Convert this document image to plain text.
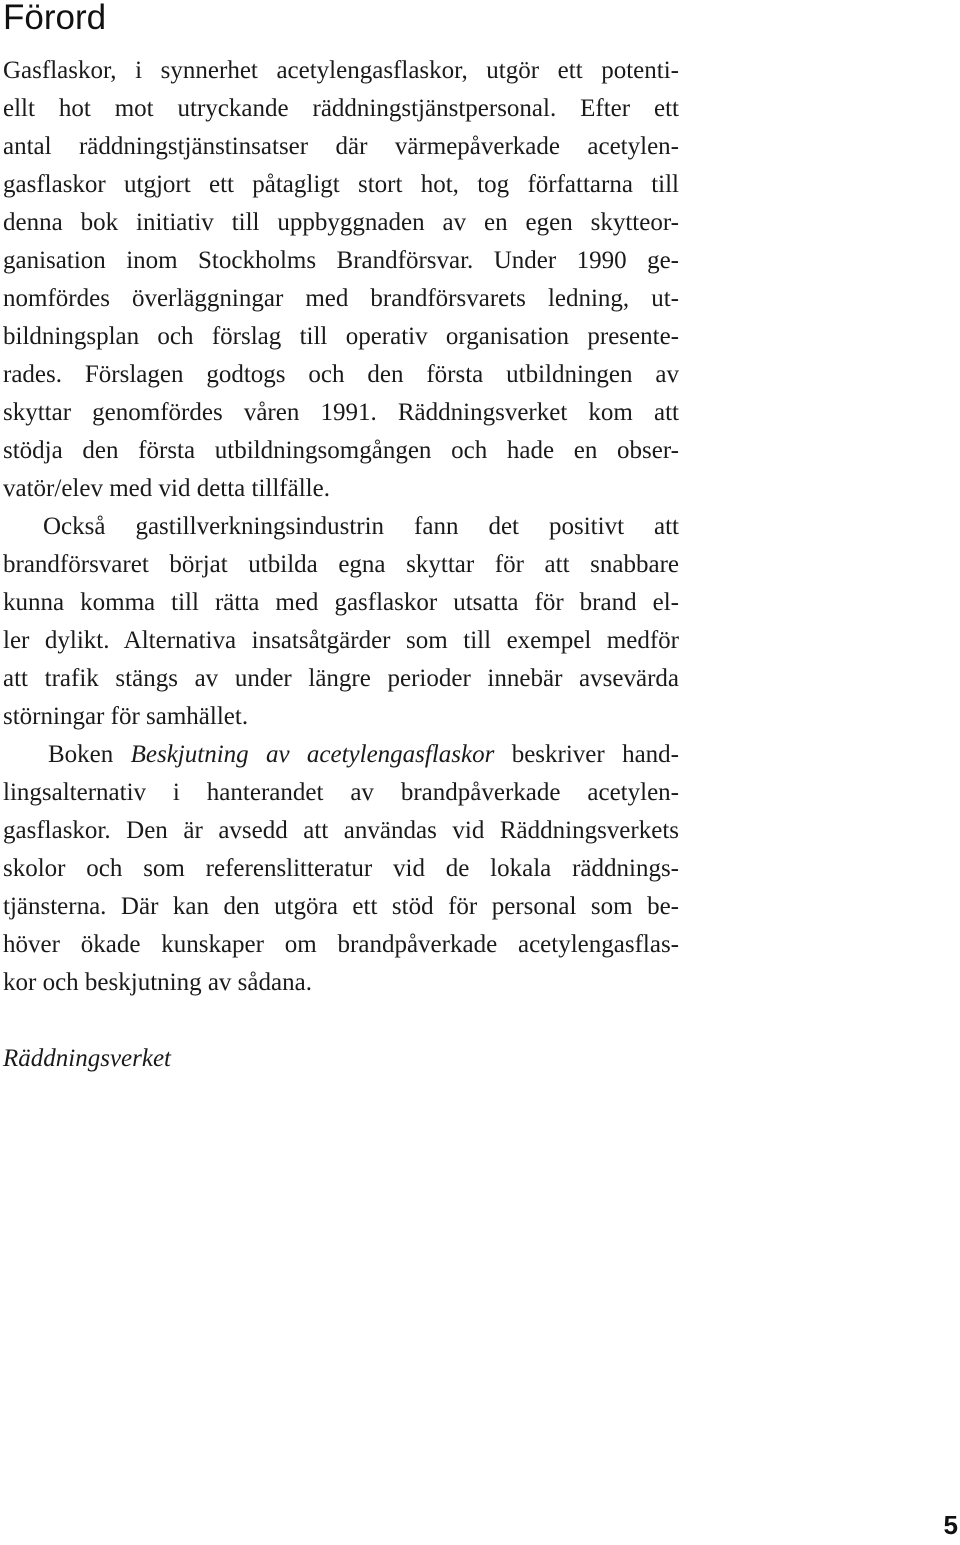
Förord
Gasflaskor, i synnerhet acetylengasflaskor, utgör ett potenti-
ellt hot mot utryckande räddningstjänstpersonal. Efter ett
antal räddningstjänstinsatser där värmepåverkade acetylen-
gasflaskor utgjort ett påtagligt stort hot, tog författarna till
denna bok initiativ till uppbyggnaden av en egen skytteor-
ganisation inom Stockholms Brandförsvar. Under 1990 ge-
nomfördes överläggningar med brandförsvarets ledning, ut-
bildningsplan och förslag till operativ organisation presente-
rades. Förslagen godtogs och den första utbildningen av
skyttar genomfördes våren 1991. Räddningsverket kom att
stödja den första utbildningsomgången och hade en obser-
vatör/elev med vid detta tillfälle.
Också gastillverkningsindustrin fann det positivt att
brandförsvaret börjat utbilda egna skyttar för att snabbare
kunna komma till rätta med gasflaskor utsatta för brand el-
ler dylikt. Alternativa insatsåtgärder som till exempel medför
att trafik stängs av under längre perioder innebär avsevärda
störningar för samhället.
Boken Beskjutning av acetylengasflaskor beskriver hand-
lingsalternativ i hanterandet av brandpåverkade acetylen-
gasflaskor. Den är avsedd att användas vid Räddningsverkets
skolor och som referenslitteratur vid de lokala räddnings-
tjänsterna. Där kan den utgöra ett stöd för personal som be-
höver ökade kunskaper om brandpåverkade acetylengasflas-
kor och beskjutning av sådana.
Räddningsverket
5
